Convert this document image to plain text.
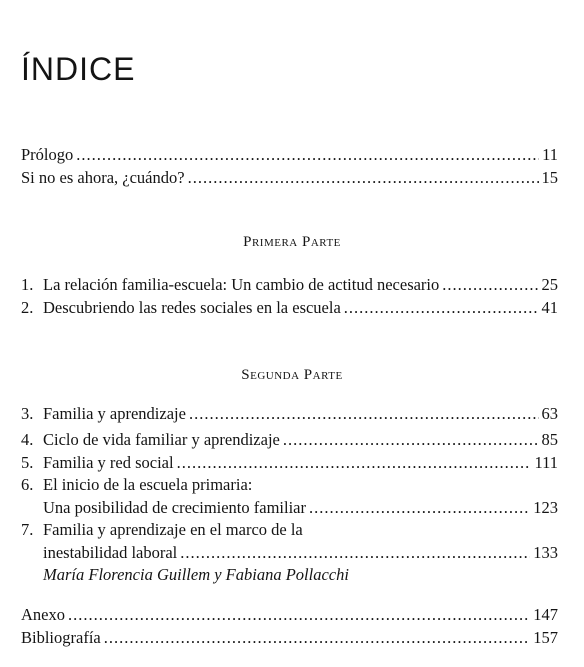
ÍNDICE
Prólogo .....	11
Si no es ahora, ¿cuándo? .....	15
Primera Parte
1. La relación familia-escuela: Un cambio de actitud necesario .....	25
2. Descubriendo las redes sociales en la escuela .....	41
Segunda Parte
3. Familia y aprendizaje .....	63
4. Ciclo de vida familiar y aprendizaje .....	85
5. Familia y red social .....	111
6. El inicio de la escuela primaria:
Una posibilidad de crecimiento familiar .....	123
7. Familia y aprendizaje en el marco de la
inestabilidad laboral .....	133
María Florencia Guillem y Fabiana Pollacchi
Anexo .....	147
Bibliografía .....	157
